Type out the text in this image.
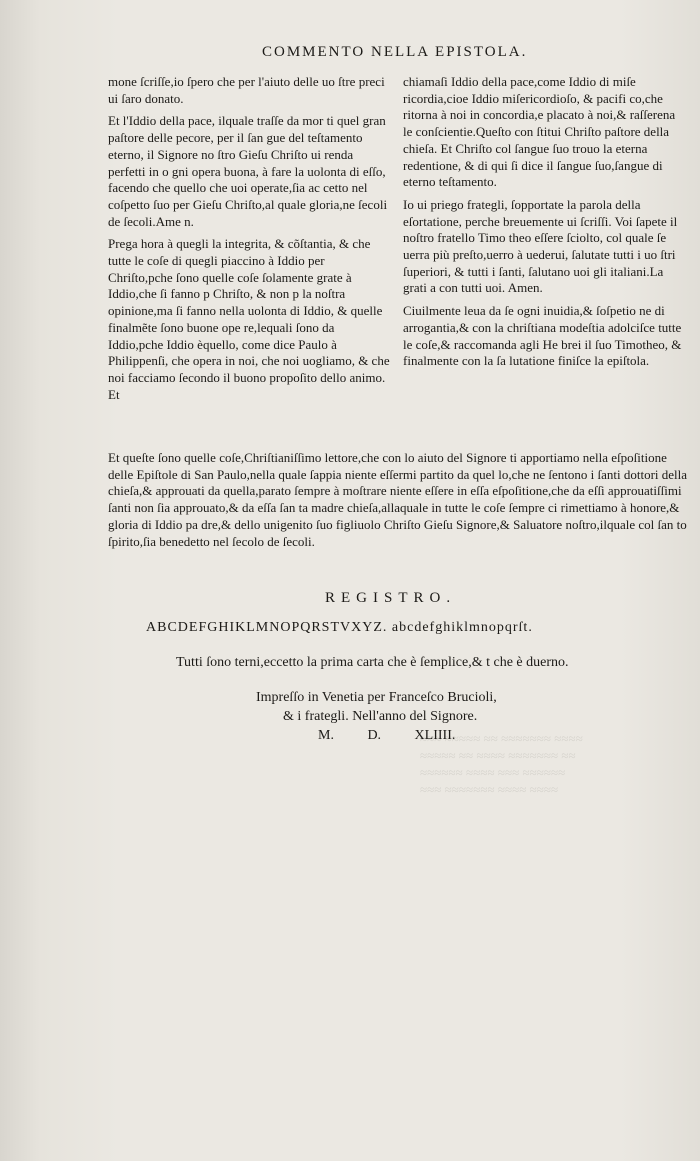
≈≈≈ ≈≈≈≈≈ ≈≈ ≈≈≈≈≈≈≈ ≈≈≈≈
≈≈≈≈≈ ≈≈ ≈≈≈≈ ≈≈≈≈≈≈≈ ≈≈
≈≈≈≈≈≈ ≈≈≈≈ ≈≈≈ ≈≈≈≈≈≈
≈≈≈ ≈≈≈≈≈≈≈ ≈≈≈≈ ≈≈≈≈
COMMENTO NELLA EPISTOLA.

mone ſcriſſe,io ſpero che per l'aiuto delle uo ſtre preci ui ſaro donato.

Et l'Iddio della pace, ilquale traſſe da mor ti quel gran paſtore delle pecore, per il ſan gue del teſtamento eterno, il Signore no ſtro Gieſu Chriſto ui renda perfetti in o gni opera buona, à fare la uolonta di eſſo, facendo che quello che uoi operate,ſia ac cetto nel coſpetto ſuo per Gieſu Chriſto,al quale gloria,ne ſecoli de ſecoli.Ame n.

Prega hora à quegli la integrita, & cõſtantia, & che tutte le coſe di quegli piaccino à Iddio per Chriſto,pche ſono quelle coſe ſolamente grate à Iddio,che ſi fanno p Chriſto, & non p la noſtra opinione,ma ſi fanno nella uolonta di Iddio, & quelle finalmẽte ſono buone ope re,lequali ſono da Iddio,pche Iddio èquello, come dice Paulo à Philippenſi, che opera in noi, che noi uogliamo, & che noi facciamo ſecondo il buono propoſito dello animo. Et

chiamaſi Iddio della pace,come Iddio di miſe ricordia,cioe Iddio miſericordioſo, & pacifi co,che ritorna à noi in concordia,e placato à noi,& raſſerena le conſcientie.Queſto con ſtitui Chriſto paſtore della chieſa. Et Chriſto col ſangue ſuo trouo la eterna redentione, & di qui ſi dice il ſangue ſuo,ſangue di eterno teſtamento.

Io ui priego frategli, ſopportate la parola della eſortatione, perche breuemente ui ſcriſſi. Voi ſapete il noſtro fratello Timo theo eſſere ſciolto, col quale ſe uerra più preſto,uerro à uederui, ſalutate tutti i uo ſtri ſuperiori, & tutti i ſanti, ſalutano uoi gli italiani.La grati a con tutti uoi. Amen.

Ciuilmente leua da ſe ogni inuidia,& ſoſpetio ne di arrogantia,& con la chriſtiana modeſtia adolciſce tutte le coſe,& raccomanda agli He brei il ſuo Timotheo, & finalmente con la ſa lutatione finiſce la epiſtola.

Et queſte ſono quelle coſe,Chriſtianiſſimo lettore,che con lo aiuto del Signore ti apportiamo nella eſpoſitione delle Epiſtole di San Paulo,nella quale ſappia niente eſſermi partito da quel lo,che ne ſentono i ſanti dottori della chieſa,& approuati da quella,parato ſempre à moſtrare niente eſſere in eſſa eſpoſitione,che da eſſi approuatiſſimi ſanti non ſia approuato,& da eſſa ſan ta madre chieſa,allaquale in tutte le coſe ſempre ci rimettiamo à honore,& gloria di Iddio pa dre,& dello unigenito ſuo figliuolo Chriſto Gieſu Signore,& Saluatore noſtro,ilquale col ſan to ſpirito,ſia benedetto nel ſecolo de ſecoli.
REGISTRO.
ABCDEFGHIKLMNOPQRSTVXYZ. abcdefghiklmnopqrſt.
Tutti ſono terni,eccetto la prima carta che è ſemplice,& t che è duerno.
Impreſſo in Venetia per Franceſco Brucioli,
& i frategli. Nell'anno del Signore.
M. D. XLIIII.
